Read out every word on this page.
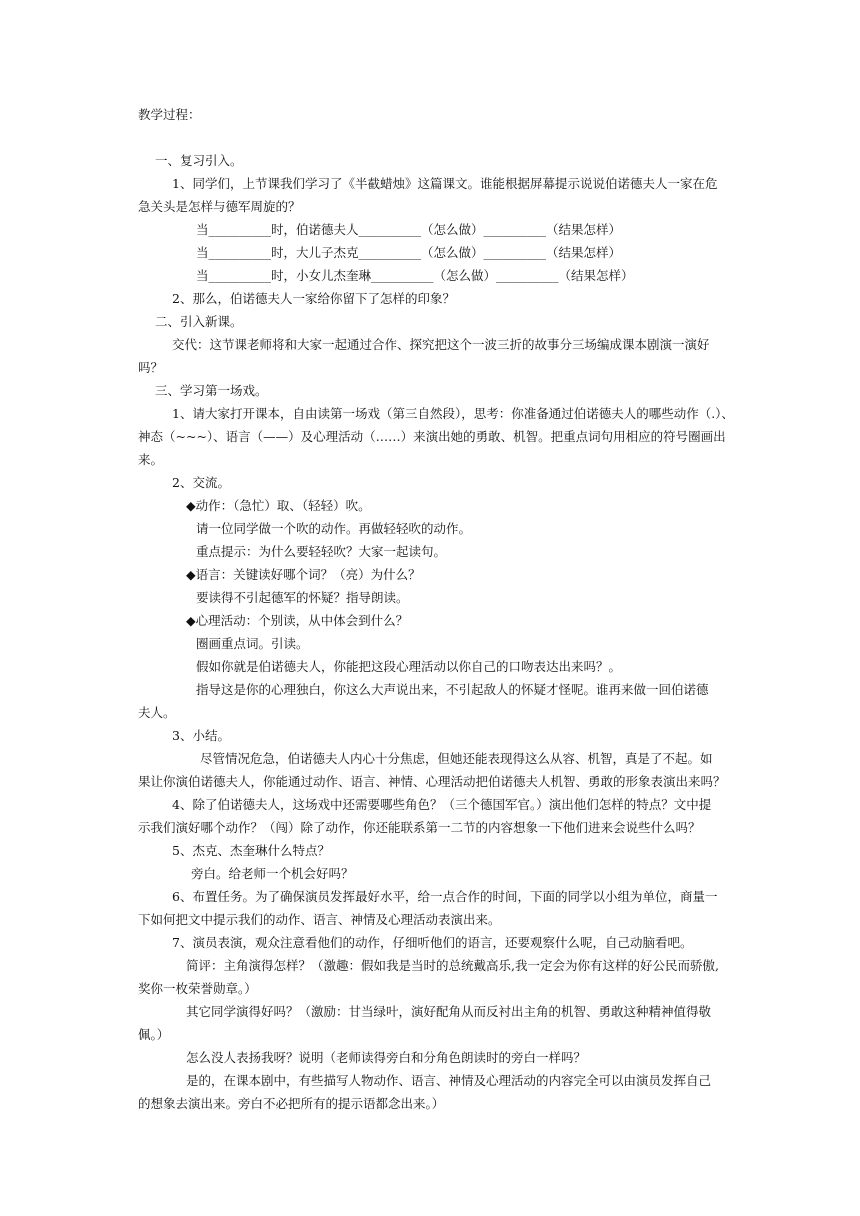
教学过程：
一、复习引入。
1、同学们，上节课我们学习了《半截蜡烛》这篇课文。谁能根据屏幕提示说说伯诺德夫人一家在危
急关头是怎样与德军周旋的？
当__________时，伯诺德夫人__________（怎么做）__________（结果怎样）
当__________时，大儿子杰克__________（怎么做）__________（结果怎样）
当__________时，小女儿杰奎琳__________（怎么做）__________（结果怎样）
2、那么，伯诺德夫人一家给你留下了怎样的印象？
二、引入新课。
交代：这节课老师将和大家一起通过合作、探究把这个一波三折的故事分三场编成课本剧演一演好
吗？
三、学习第一场戏。
1、请大家打开课本，自由读第一场戏（第三自然段），思考：你准备通过伯诺德夫人的哪些动作（.）、
神态（~~~）、语言（——）及心理活动（……）来演出她的勇敢、机智。把重点词句用相应的符号圈画出
来。
2、交流。
◆动作：（急忙）取、（轻轻）吹。
请一位同学做一个吹的动作。再做轻轻吹的动作。
重点提示：为什么要轻轻吹？大家一起读句。
◆语言：关键读好哪个词？（亮）为什么？
要读得不引起德军的怀疑？指导朗读。
◆心理活动：个别读，从中体会到什么？
圈画重点词。引读。
假如你就是伯诺德夫人，你能把这段心理活动以你自己的口吻表达出来吗？。
指导这是你的心理独白，你这么大声说出来，不引起敌人的怀疑才怪呢。谁再来做一回伯诺德
夫人。
3、小结。
尽管情况危急，伯诺德夫人内心十分焦虑，但她还能表现得这么从容、机智，真是了不起。如
果让你演伯诺德夫人，你能通过动作、语言、神情、心理活动把伯诺德夫人机智、勇敢的形象表演出来吗？
4、除了伯诺德夫人，这场戏中还需要哪些角色？（三个德国军官。）演出他们怎样的特点？文中提
示我们演好哪个动作？（闯）除了动作，你还能联系第一二节的内容想象一下他们进来会说些什么吗？
5、杰克、杰奎琳什么特点？
旁白。给老师一个机会好吗？
6、布置任务。为了确保演员发挥最好水平，给一点合作的时间，下面的同学以小组为单位，商量一
下如何把文中提示我们的动作、语言、神情及心理活动表演出来。
7、演员表演，观众注意看他们的动作，仔细听他们的语言，还要观察什么呢，自己动脑看吧。
简评：主角演得怎样？（激趣：假如我是当时的总统戴高乐,我一定会为你有这样的好公民而骄傲,
奖你一枚荣誉勋章。）
其它同学演得好吗？（激励：甘当绿叶，演好配角从而反衬出主角的机智、勇敢这种精神值得敬
佩。）
怎么没人表扬我呀？说明（老师读得旁白和分角色朗读时的旁白一样吗？
是的，在课本剧中，有些描写人物动作、语言、神情及心理活动的内容完全可以由演员发挥自己
的想象去演出来。旁白不必把所有的提示语都念出来。）
